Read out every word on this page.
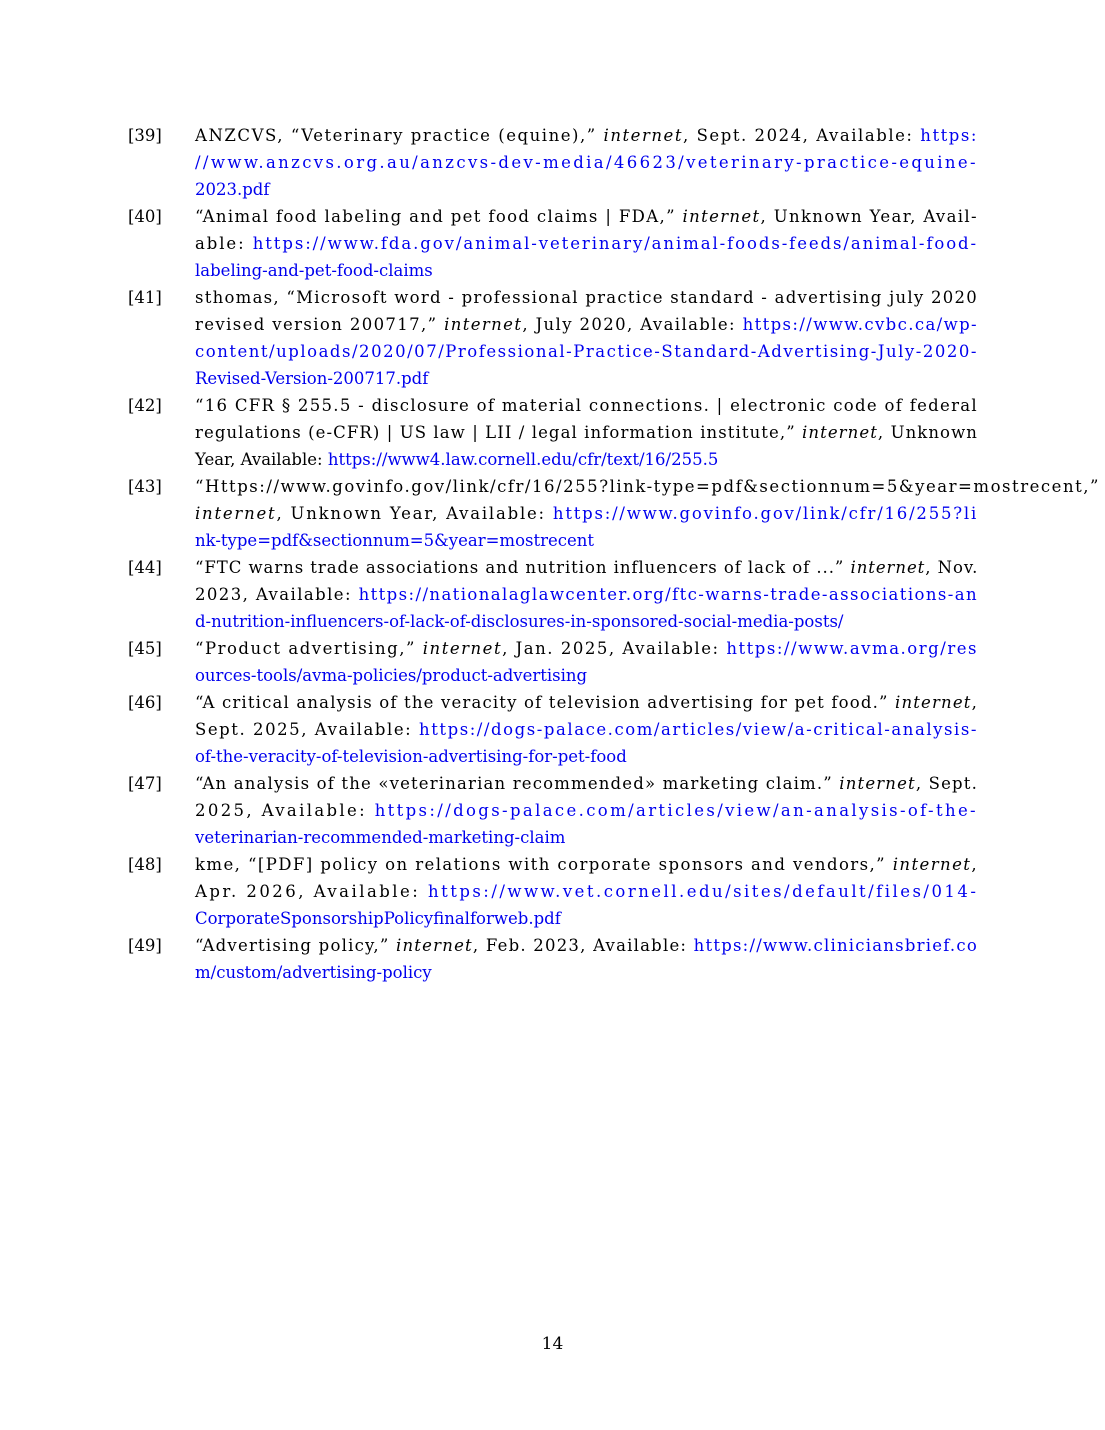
[39]	ANZCVS, “Veterinary practice (equine),” internet, Sept. 2024, Available: https:
//www.anzcvs.org.au/anzcvs-dev-media/46623/veterinary-practice-equine-
2023.pdf
[40]	“Animal food labeling and pet food claims | FDA,” internet, Unknown Year, Avail-
able: https://www.fda.gov/animal-veterinary/animal-foods-feeds/animal-food-
labeling-and-pet-food-claims
[41]	sthomas, “Microsoft word - professional practice standard - advertising july 2020
revised version 200717,” internet, July 2020, Available: https://www.cvbc.ca/wp-
content/uploads/2020/07/Professional-Practice-Standard-Advertising-July-2020-
Revised-Version-200717.pdf
[42]	“16 CFR § 255.5 - disclosure of material connections. | electronic code of federal
regulations (e-CFR) | US law | LII / legal information institute,” internet, Unknown
Year, Available: https://www4.law.cornell.edu/cfr/text/16/255.5
[43]	“Https://www.govinfo.gov/link/cfr/16/255?link-type=pdf&sectionnum=5&year=mostrecent,”
internet, Unknown Year, Available: https://www.govinfo.gov/link/cfr/16/255?li
nk-type=pdf&sectionnum=5&year=mostrecent
[44]	“FTC warns trade associations and nutrition influencers of lack of ...” internet, Nov.
2023, Available: https://nationalaglawcenter.org/ftc-warns-trade-associations-an
d-nutrition-influencers-of-lack-of-disclosures-in-sponsored-social-media-posts/
[45]	“Product advertising,” internet, Jan. 2025, Available: https://www.avma.org/res
ources-tools/avma-policies/product-advertising
[46]	“A critical analysis of the veracity of television advertising for pet food.” internet,
Sept. 2025, Available: https://dogs-palace.com/articles/view/a-critical-analysis-
of-the-veracity-of-television-advertising-for-pet-food
[47]	“An analysis of the «veterinarian recommended» marketing claim.” internet, Sept.
2025, Available: https://dogs-palace.com/articles/view/an-analysis-of-the-
veterinarian-recommended-marketing-claim
[48]	kme, “[PDF] policy on relations with corporate sponsors and vendors,” internet,
Apr. 2026, Available: https://www.vet.cornell.edu/sites/default/files/014-
CorporateSponsorshipPolicyfinalforweb.pdf
[49]	“Advertising policy,” internet, Feb. 2023, Available: https://www.cliniciansbrief.co
m/custom/advertising-policy
14
